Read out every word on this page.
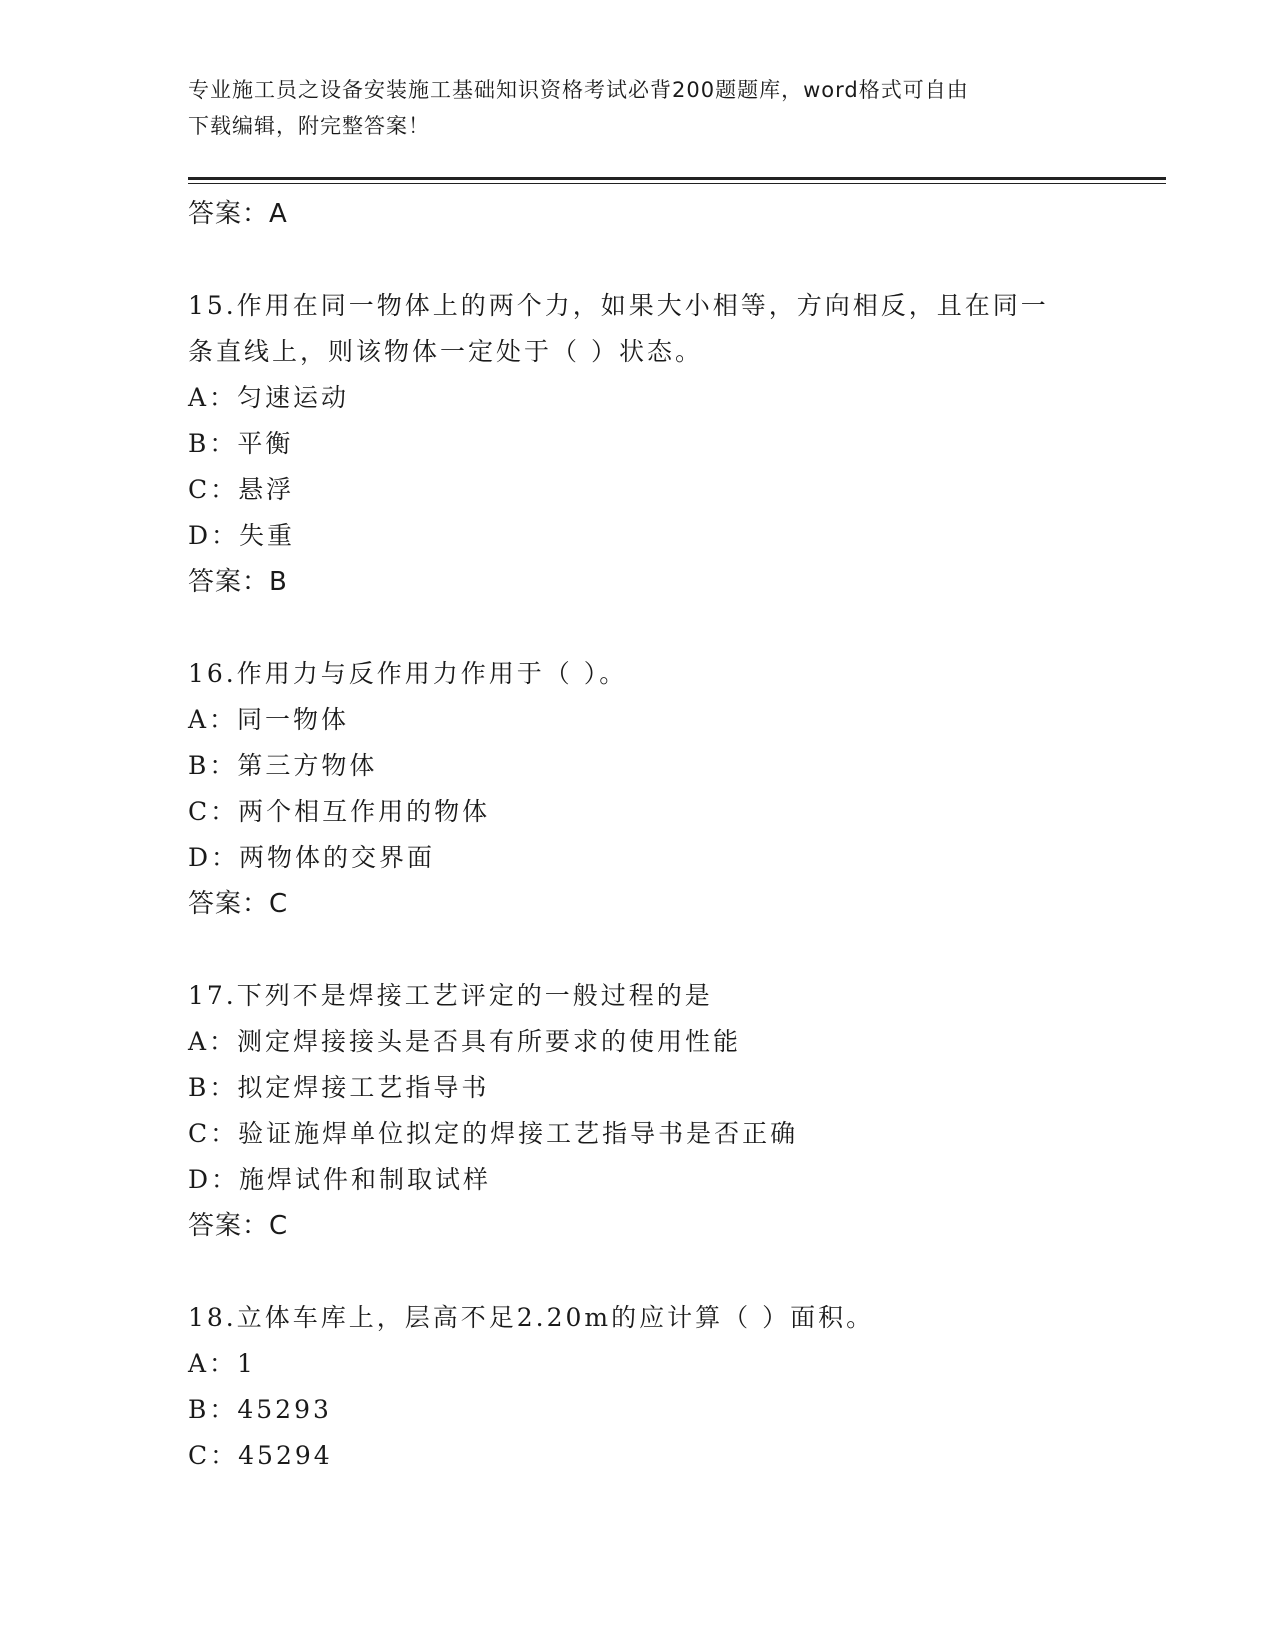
专业施工员之设备安装施工基础知识资格考试必背200题题库，word格式可自由
下载编辑，附完整答案！
答案：A
15.作用在同一物体上的两个力，如果大小相等，方向相反，且在同一
条直线上，则该物体一定处于（ ）状态。
A：匀速运动
B：平衡
C：悬浮
D：失重
答案：B
16.作用力与反作用力作用于（ ）。
A：同一物体
B：第三方物体
C：两个相互作用的物体
D：两物体的交界面
答案：C
17.下列不是焊接工艺评定的一般过程的是
A：测定焊接接头是否具有所要求的使用性能
B：拟定焊接工艺指导书
C：验证施焊单位拟定的焊接工艺指导书是否正确
D：施焊试件和制取试样
答案：C
18.立体车库上，层高不足2.20m的应计算（ ）面积。
A：1
B：45293
C：45294
